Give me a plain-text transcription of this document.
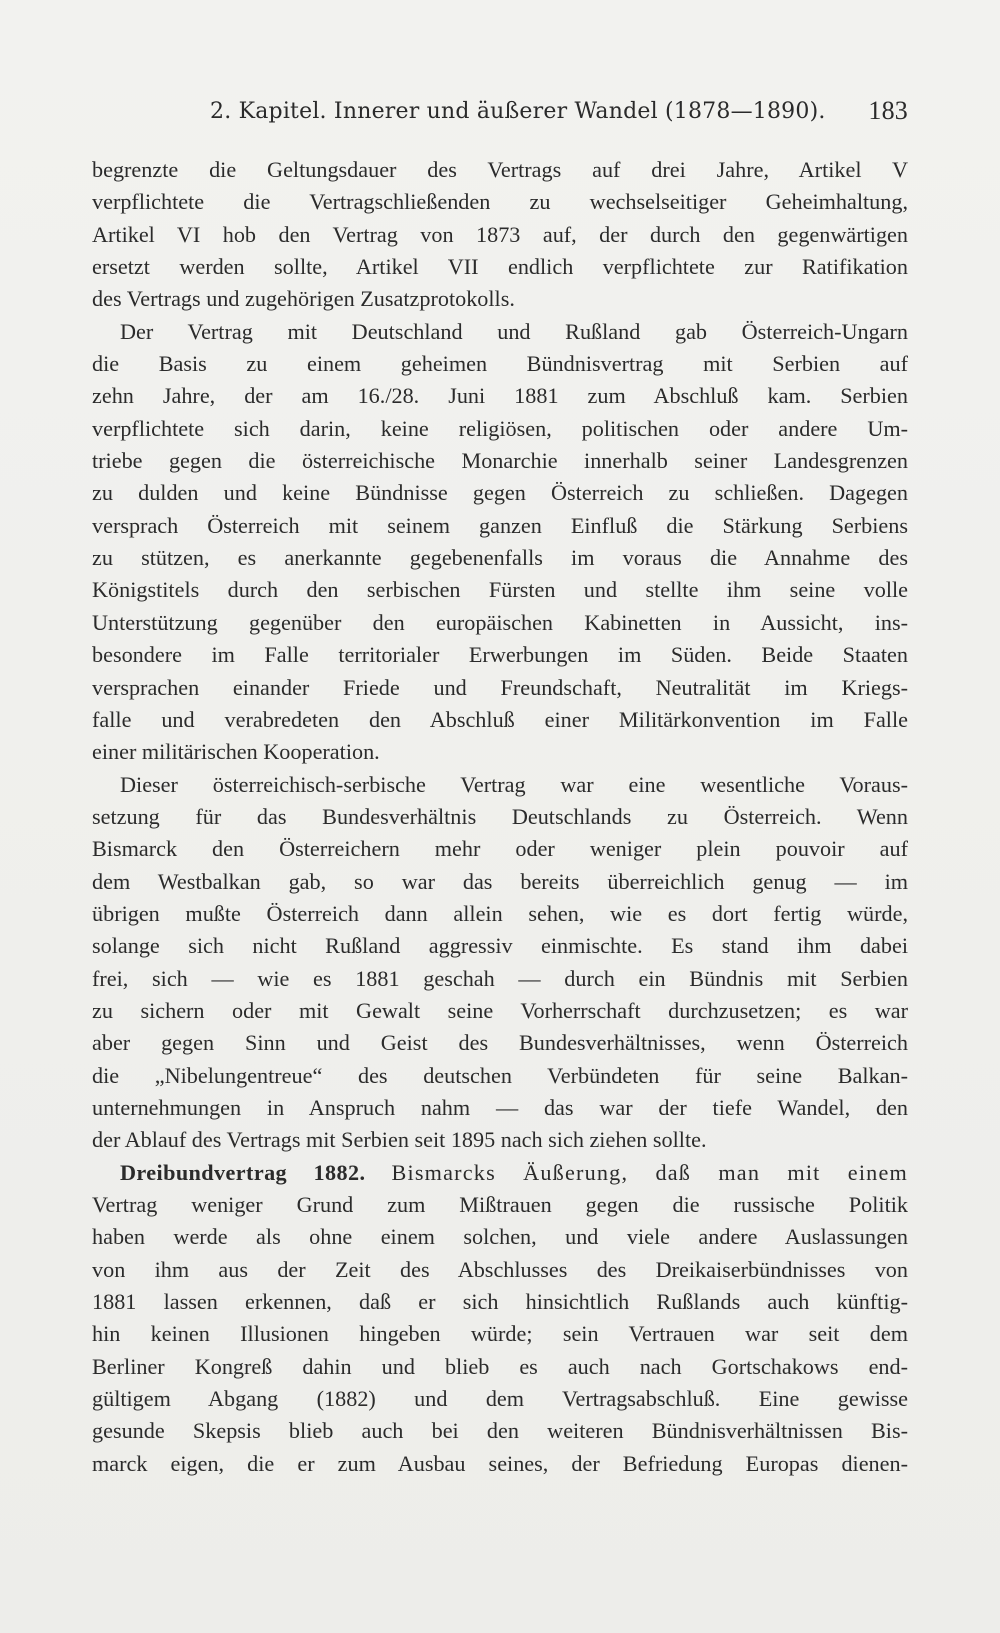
2. Kapitel. Innerer und äußerer Wandel (1878—1890). 183
begrenzte die Geltungsdauer des Vertrags auf drei Jahre, Artikel V
verpflichtete die Vertragschließenden zu wechselseitiger Geheimhaltung,
Artikel VI hob den Vertrag von 1873 auf, der durch den gegenwärtigen
ersetzt werden sollte, Artikel VII endlich verpflichtete zur Ratifikation
des Vertrags und zugehörigen Zusatzprotokolls.
Der Vertrag mit Deutschland und Rußland gab Österreich-Ungarn
die Basis zu einem geheimen Bündnisvertrag mit Serbien auf
zehn Jahre, der am 16./28. Juni 1881 zum Abschluß kam. Serbien
verpflichtete sich darin, keine religiösen, politischen oder andere Um-
triebe gegen die österreichische Monarchie innerhalb seiner Landesgrenzen
zu dulden und keine Bündnisse gegen Österreich zu schließen. Dagegen
versprach Österreich mit seinem ganzen Einfluß die Stärkung Serbiens
zu stützen, es anerkannte gegebenenfalls im voraus die Annahme des
Königstitels durch den serbischen Fürsten und stellte ihm seine volle
Unterstützung gegenüber den europäischen Kabinetten in Aussicht, ins-
besondere im Falle territorialer Erwerbungen im Süden. Beide Staaten
versprachen einander Friede und Freundschaft, Neutralität im Kriegs-
falle und verabredeten den Abschluß einer Militärkonvention im Falle
einer militärischen Kooperation.
Dieser österreichisch-serbische Vertrag war eine wesentliche Voraus-
setzung für das Bundesverhältnis Deutschlands zu Österreich. Wenn
Bismarck den Österreichern mehr oder weniger plein pouvoir auf
dem Westbalkan gab, so war das bereits überreichlich genug — im
übrigen mußte Österreich dann allein sehen, wie es dort fertig würde,
solange sich nicht Rußland aggressiv einmischte. Es stand ihm dabei
frei, sich — wie es 1881 geschah — durch ein Bündnis mit Serbien
zu sichern oder mit Gewalt seine Vorherrschaft durchzusetzen; es war
aber gegen Sinn und Geist des Bundesverhältnisses, wenn Österreich
die „Nibelungentreue“ des deutschen Verbündeten für seine Balkan-
unternehmungen in Anspruch nahm — das war der tiefe Wandel, den
der Ablauf des Vertrags mit Serbien seit 1895 nach sich ziehen sollte.
Dreibundvertrag 1882. Bismarcks Äußerung, daß man mit einem
Vertrag weniger Grund zum Mißtrauen gegen die russische Politik
haben werde als ohne einem solchen, und viele andere Auslassungen
von ihm aus der Zeit des Abschlusses des Dreikaiserbündnisses von
1881 lassen erkennen, daß er sich hinsichtlich Rußlands auch künftig-
hin keinen Illusionen hingeben würde; sein Vertrauen war seit dem
Berliner Kongreß dahin und blieb es auch nach Gortschakows end-
gültigem Abgang (1882) und dem Vertragsabschluß. Eine gewisse
gesunde Skepsis blieb auch bei den weiteren Bündnisverhältnissen Bis-
marck eigen, die er zum Ausbau seines, der Befriedung Europas dienen-
